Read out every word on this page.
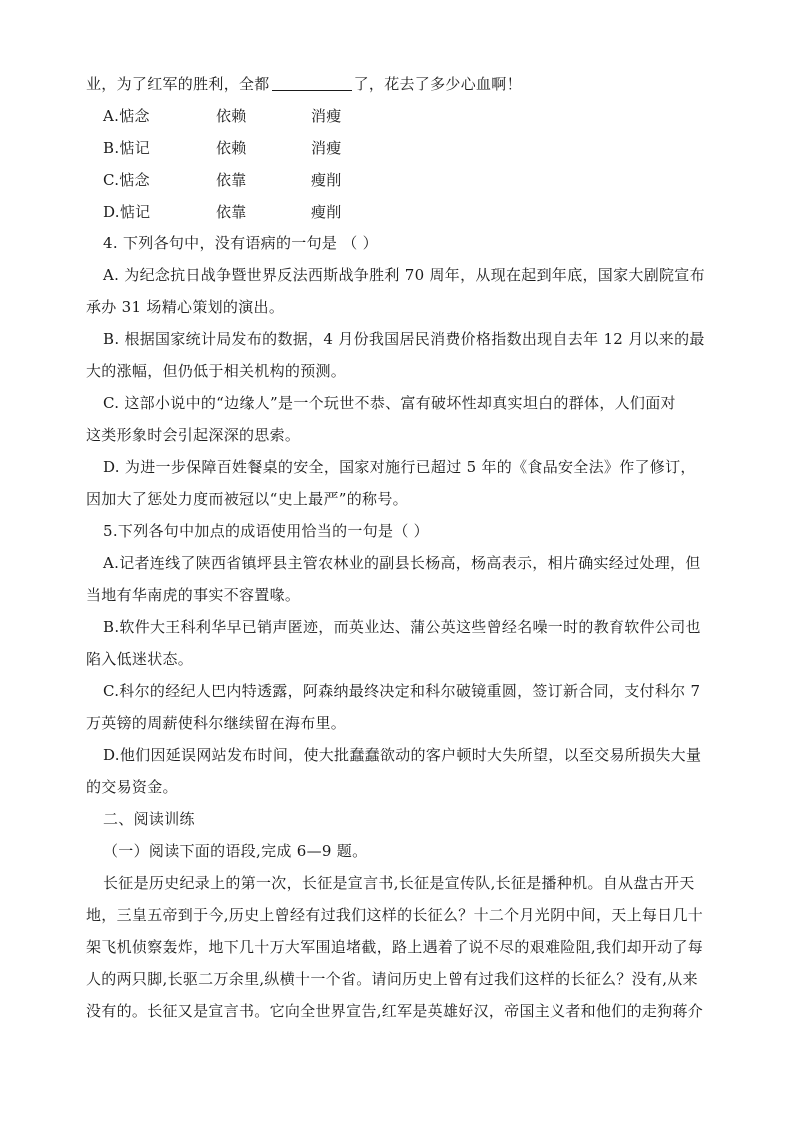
业，为了红军的胜利，全都	了，花去了多少心血啊！
A.惦念	依赖	消瘦
B.惦记	依赖	消瘦
C.惦念	依靠	瘦削
D.惦记	依靠	瘦削
4. 下列各句中，没有语病的一句是 （ ）
A. 为纪念抗日战争暨世界反法西斯战争胜利 70 周年，从现在起到年底，国家大剧院宣布
承办 31 场精心策划的演出。
B. 根据国家统计局发布的数据，4 月份我国居民消费价格指数出现自去年 12 月以来的最
大的涨幅，但仍低于相关机构的预测。
C. 这部小说中的“边缘人”是一个玩世不恭、富有破坏性却真实坦白的群体，人们面对
这类形象时会引起深深的思索。
D. 为进一步保障百姓餐桌的安全，国家对施行已超过 5 年的《食品安全法》作了修订，
因加大了惩处力度而被冠以“史上最严”的称号。
5.下列各句中加点的成语使用恰当的一句是（ ）
A.记者连线了陕西省镇坪县主管农林业的副县长杨高，杨高表示，相片确实经过处理，但
当地有华南虎的事实不容置喙。
B.软件大王科利华早已销声匿迹，而英业达、蒲公英这些曾经名噪一时的教育软件公司也
陷入低迷状态。
C.科尔的经纪人巴内特透露，阿森纳最终决定和科尔破镜重圆，签订新合同，支付科尔 7
万英镑的周薪使科尔继续留在海布里。
D.他们因延误网站发布时间，使大批蠢蠢欲动的客户顿时大失所望，以至交易所损失大量
的交易资金。
二、阅读训练
（一）阅读下面的语段,完成 6—9 题。
长征是历史纪录上的第一次，长征是宣言书,长征是宣传队,长征是播种机。自从盘古开天
地，三皇五帝到于今,历史上曾经有过我们这样的长征么？十二个月光阴中间，天上每日几十
架飞机侦察轰炸，地下几十万大军围追堵截，路上遇着了说不尽的艰难险阻,我们却开动了每
人的两只脚,长驱二万余里,纵横十一个省。请问历史上曾有过我们这样的长征么？没有,从来
没有的。长征又是宣言书。它向全世界宣告,红军是英雄好汉，帝国主义者和他们的走狗蒋介
